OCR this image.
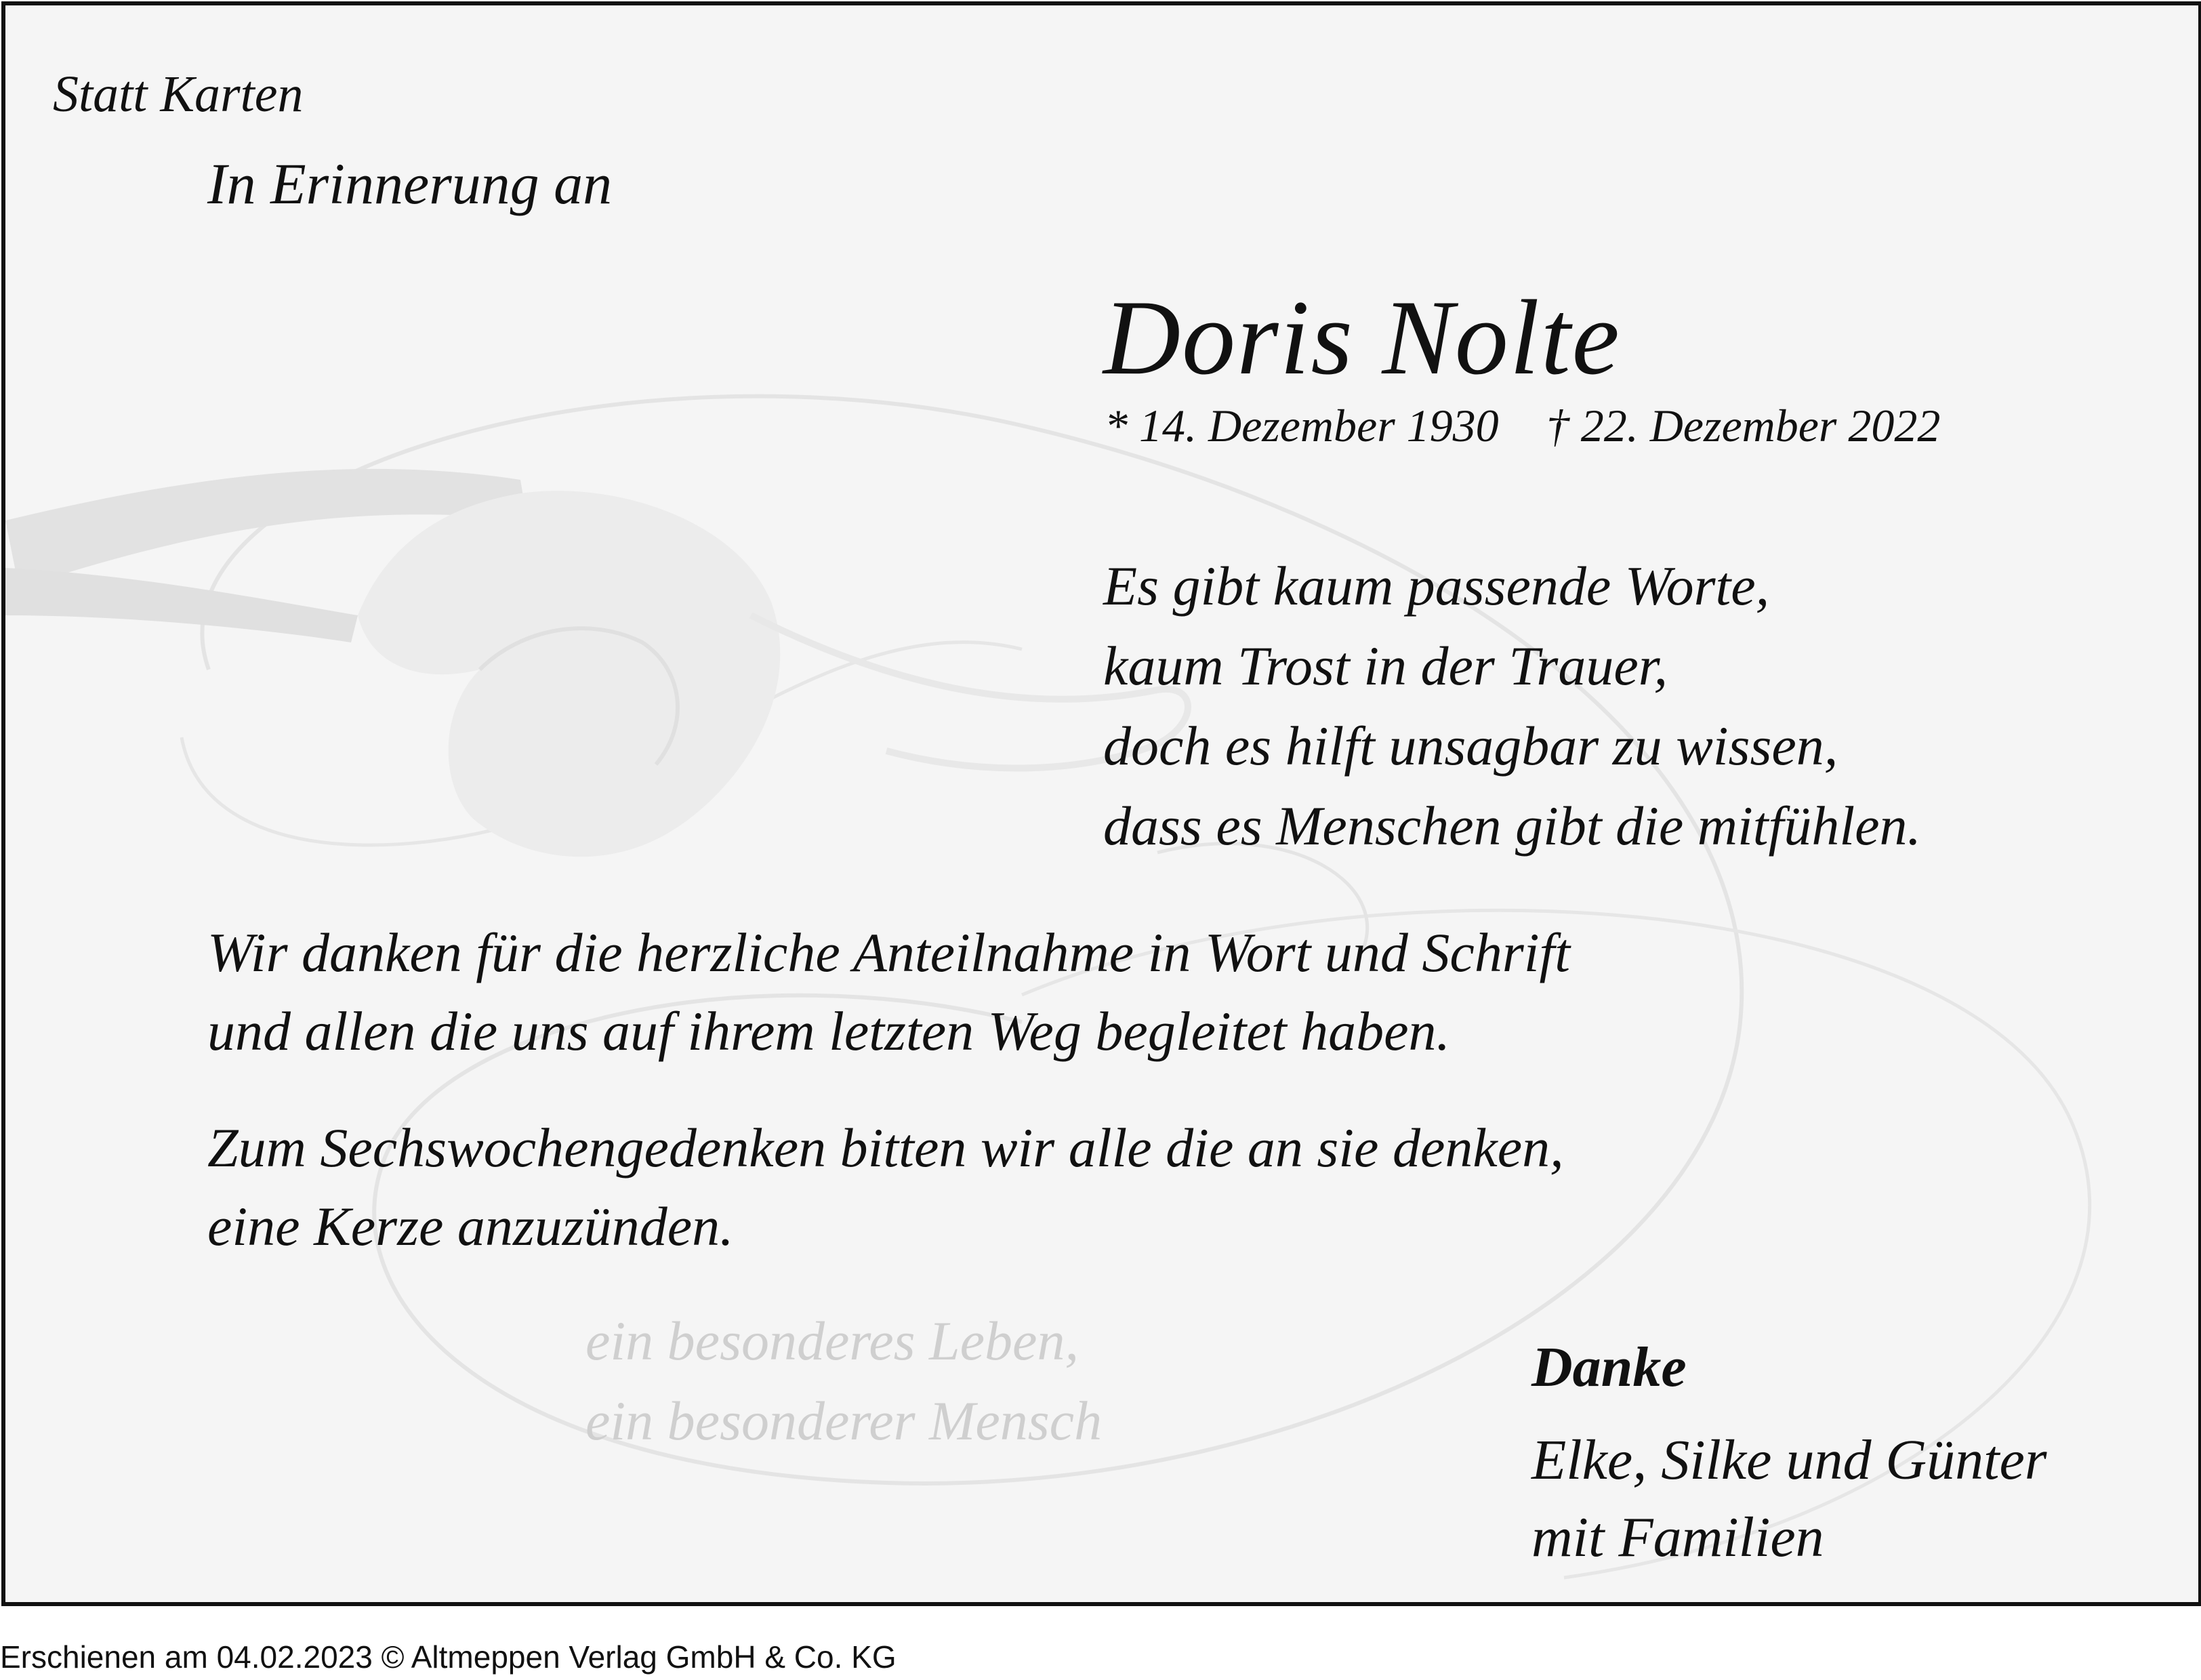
Statt Karten

In Erinnerung an

Doris Nolte

* 14. Dezember 1930 † 22. Dezember 2022

Es gibt kaum passende Worte,
kaum Trost in der Trauer,
doch es hilft unsagbar zu wissen,
dass es Menschen gibt die mitfühlen.

Wir danken für die herzliche Anteilnahme in Wort und Schrift
und allen die uns auf ihrem letzten Weg begleitet haben.

Zum Sechswochengedenken bitten wir alle die an sie denken,
eine Kerze anzuzünden.

ein besonderes Leben,
ein besonderer Mensch

Danke

Elke, Silke und Günter
mit Familien

Erschienen am 04.02.2023 © Altmeppen Verlag GmbH & Co. KG
